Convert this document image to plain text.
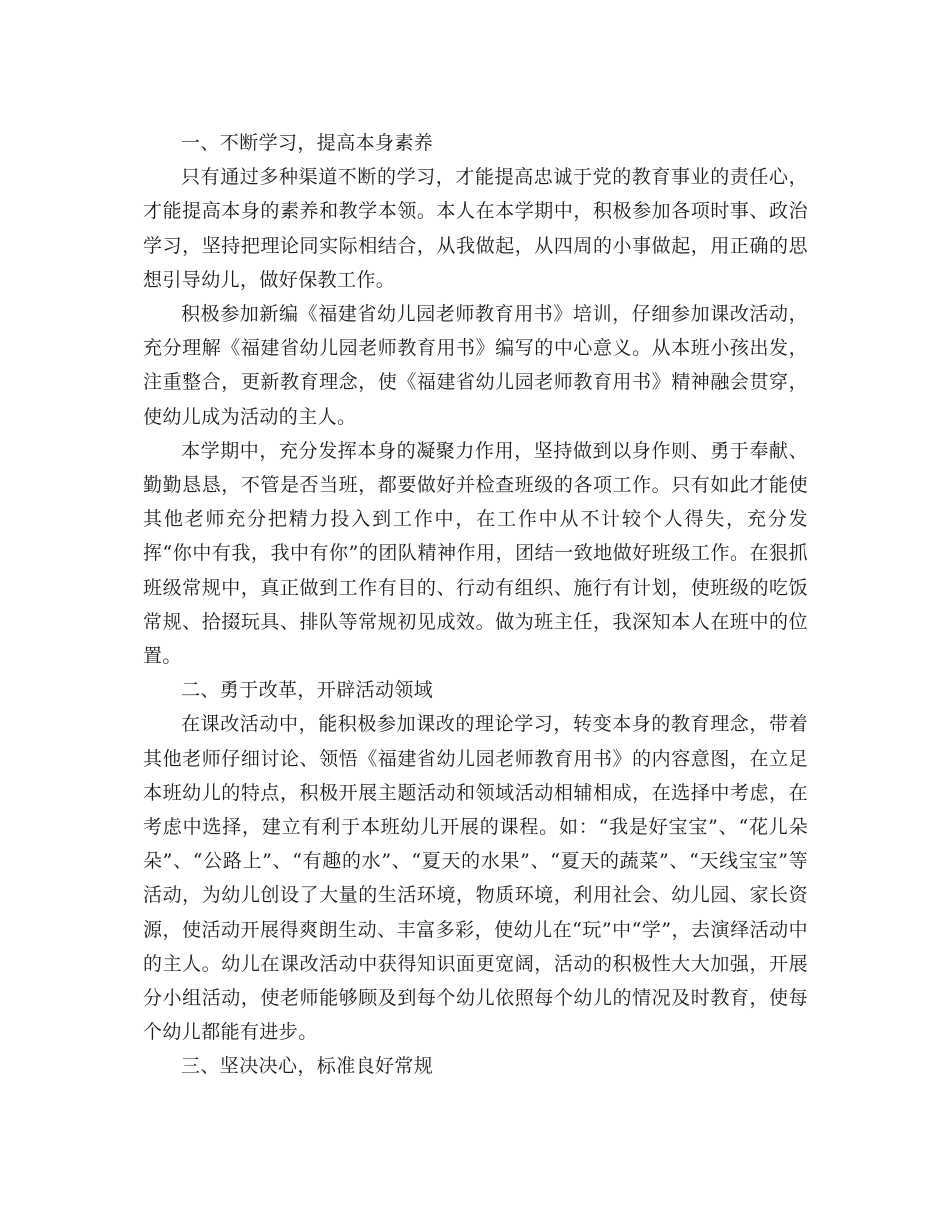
一、不断学习，提高本身素养

只有通过多种渠道不断的学习，才能提高忠诚于党的教育事业的责任心，才能提高本身的素养和教学本领。本人在本学期中，积极参加各项时事、政治学习，坚持把理论同实际相结合，从我做起，从四周的小事做起，用正确的思想引导幼儿，做好保教工作。

积极参加新编《福建省幼儿园老师教育用书》培训，仔细参加课改活动，充分理解《福建省幼儿园老师教育用书》编写的中心意义。从本班小孩出发，注重整合，更新教育理念，使《福建省幼儿园老师教育用书》精神融会贯穿，使幼儿成为活动的主人。

本学期中，充分发挥本身的凝聚力作用，坚持做到以身作则、勇于奉献、勤勤恳恳，不管是否当班，都要做好并检查班级的各项工作。只有如此才能使其他老师充分把精力投入到工作中，在工作中从不计较个人得失，充分发挥“你中有我，我中有你”的团队精神作用，团结一致地做好班级工作。在狠抓班级常规中，真正做到工作有目的、行动有组织、施行有计划，使班级的吃饭常规、拾掇玩具、排队等常规初见成效。做为班主任，我深知本人在班中的位置。

二、勇于改革，开辟活动领域

在课改活动中，能积极参加课改的理论学习，转变本身的教育理念，带着其他老师仔细讨论、领悟《福建省幼儿园老师教育用书》的内容意图，在立足本班幼儿的特点，积极开展主题活动和领域活动相辅相成，在选择中考虑，在考虑中选择，建立有利于本班幼儿开展的课程。如：“我是好宝宝”、“花儿朵朵”、“公路上”、“有趣的水”、“夏天的水果”、“夏天的蔬菜”、“天线宝宝”等活动，为幼儿创设了大量的生活环境，物质环境，利用社会、幼儿园、家长资源，使活动开展得爽朗生动、丰富多彩，使幼儿在“玩”中“学”，去演绎活动中的主人。幼儿在课改活动中获得知识面更宽阔，活动的积极性大大加强，开展分小组活动，使老师能够顾及到每个幼儿依照每个幼儿的情况及时教育，使每个幼儿都能有进步。

三、坚决决心，标准良好常规
